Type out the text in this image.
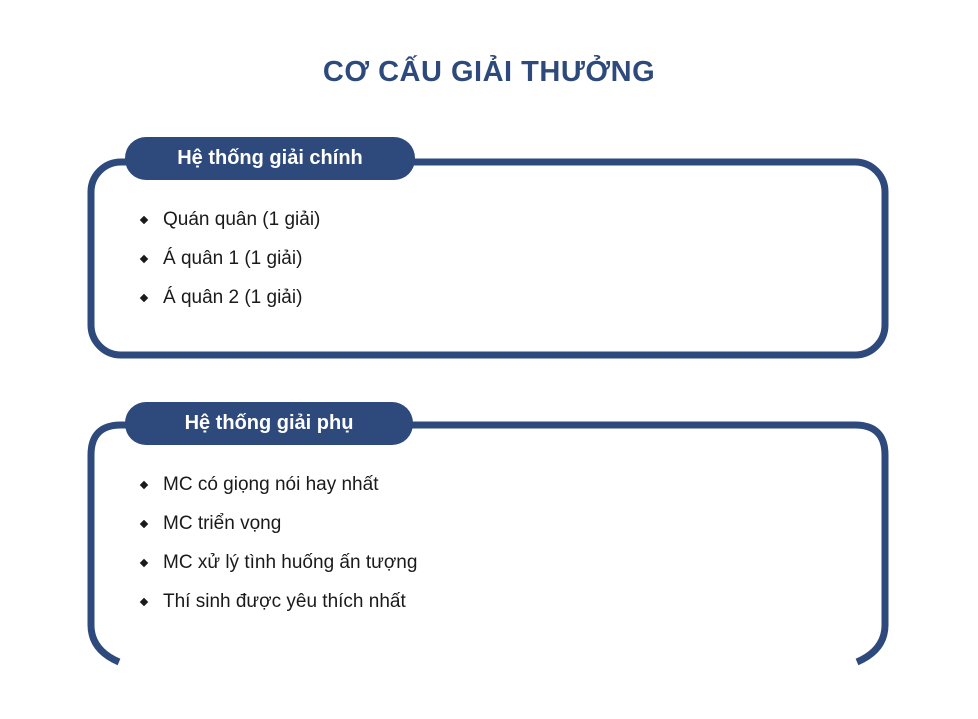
CƠ CẤU GIẢI THƯỞNG
Hệ thống giải chính
Quán quân (1 giải)
Á quân 1 (1 giải)
Á quân 2 (1 giải)
Hệ thống giải phụ
MC có giọng nói hay nhất
MC triển vọng
MC xử lý tình huống ấn tượng
Thí sinh được yêu thích nhất
